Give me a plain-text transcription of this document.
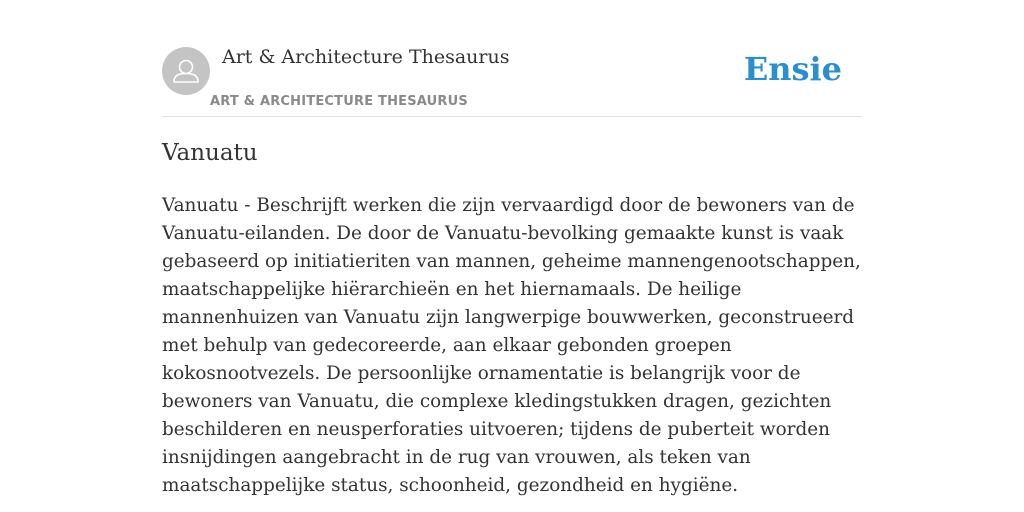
Art & Architecture Thesaurus
ART & ARCHITECTURE THESAURUS
Ensie
Vanuatu

Vanuatu - Beschrijft werken die zijn vervaardigd door de bewoners van de Vanuatu-eilanden. De door de Vanuatu-bevolking gemaakte kunst is vaak gebaseerd op initiatieriten van mannen, geheime mannengenootschappen, maatschappelijke hiërarchieën en het hiernamaals. De heilige mannenhuizen van Vanuatu zijn langwerpige bouwwerken, geconstrueerd met behulp van gedecoreerde, aan elkaar gebonden groepen kokosnootvezels. De persoonlijke ornamentatie is belangrijk voor de bewoners van Vanuatu, die complexe kledingstukken dragen, gezichten beschilderen en neusperforaties uitvoeren; tijdens de puberteit worden insnijdingen aangebracht in de rug van vrouwen, als teken van maatschappelijke status, schoonheid, gezondheid en hygiëne.
